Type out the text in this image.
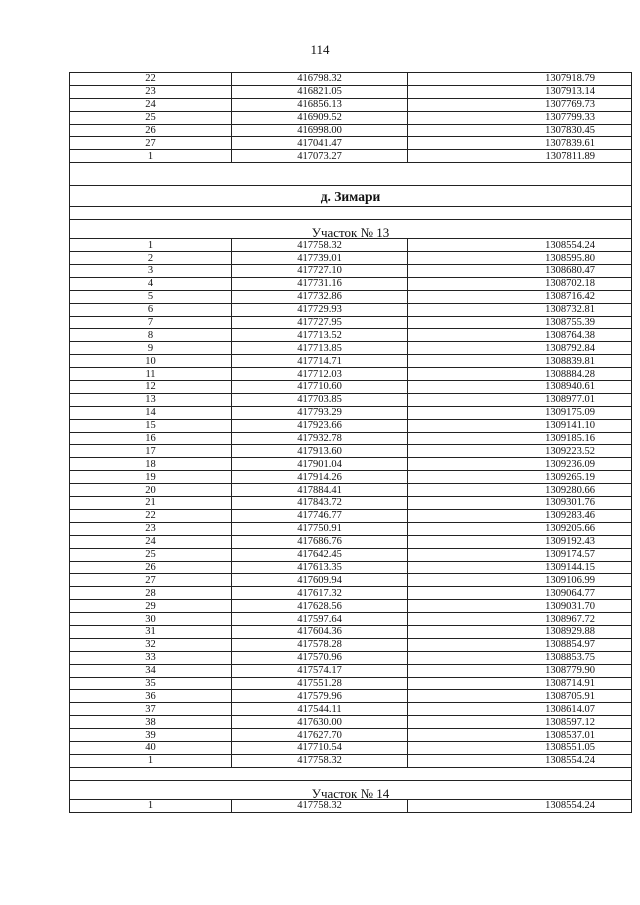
114
22	416798.32	1307918.79
23	416821.05	1307913.14
24	416856.13	1307769.73
25	416909.52	1307799.33
26	416998.00	1307830.45
27	417041.47	1307839.61
1	417073.27	1307811.89

д. Зимари		

Участок № 13		
1	417758.32	1308554.24
2	417739.01	1308595.80
3	417727.10	1308680.47
4	417731.16	1308702.18
5	417732.86	1308716.42
6	417729.93	1308732.81
7	417727.95	1308755.39
8	417713.52	1308764.38
9	417713.85	1308792.84
10	417714.71	1308839.81
11	417712.03	1308884.28
12	417710.60	1308940.61
13	417703.85	1308977.01
14	417793.29	1309175.09
15	417923.66	1309141.10
16	417932.78	1309185.16
17	417913.60	1309223.52
18	417901.04	1309236.09
19	417914.26	1309265.19
20	417884.41	1309280.66
21	417843.72	1309301.76
22	417746.77	1309283.46
23	417750.91	1309205.66
24	417686.76	1309192.43
25	417642.45	1309174.57
26	417613.35	1309144.15
27	417609.94	1309106.99
28	417617.32	1309064.77
29	417628.56	1309031.70
30	417597.64	1308967.72
31	417604.36	1308929.88
32	417578.28	1308854.97
33	417570.96	1308853.75
34	417574.17	1308779.90
35	417551.28	1308714.91
36	417579.96	1308705.91
37	417544.11	1308614.07
38	417630.00	1308597.12
39	417627.70	1308537.01
40	417710.54	1308551.05
1	417758.32	1308554.24

Участок № 14		
1	417758.32	1308554.24
